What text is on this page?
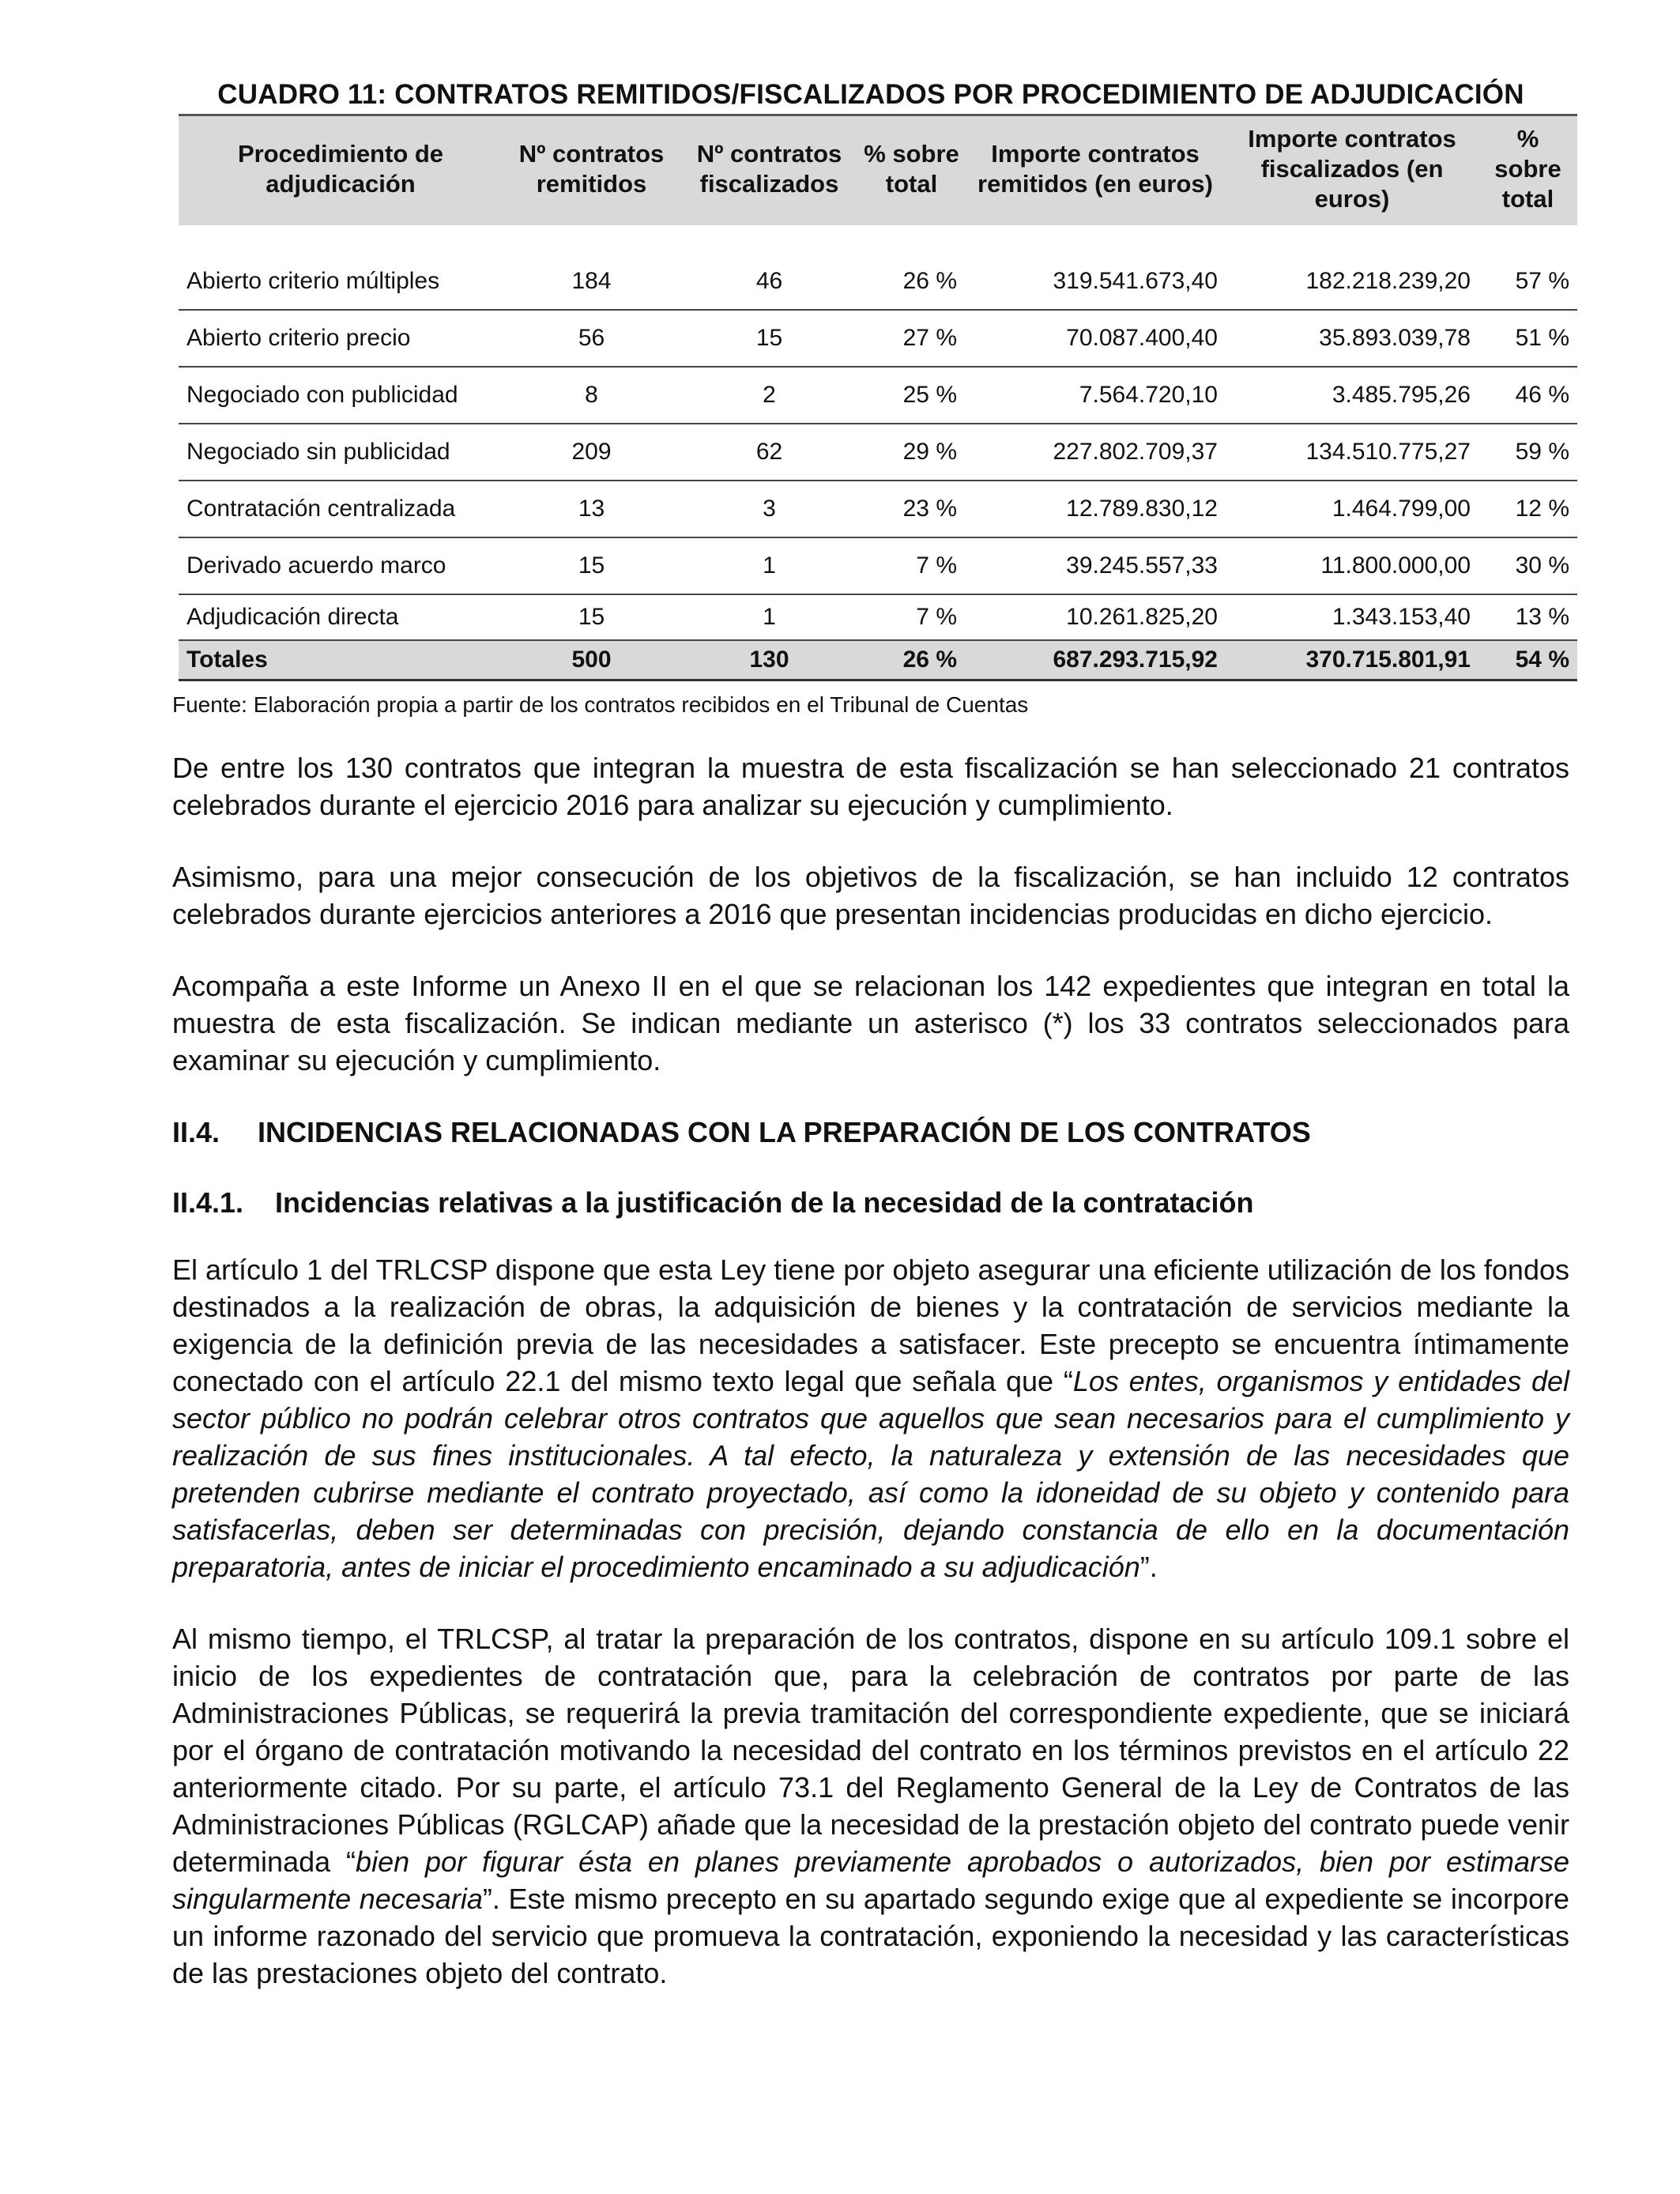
CUADRO 11: CONTRATOS REMITIDOS/FISCALIZADOS POR PROCEDIMIENTO DE ADJUDICACIÓN
Procedimiento de adjudicación	Nº contratos remitidos	Nº contratos fiscalizados	% sobre total	Importe contratos remitidos (en euros)	Importe contratos fiscalizados (en euros)	% sobre total

Abierto criterio múltiples	184	46	26 %	319.541.673,40	182.218.239,20	57 %
Abierto criterio precio	56	15	27 %	70.087.400,40	35.893.039,78	51 %
Negociado con publicidad	8	2	25 %	7.564.720,10	3.485.795,26	46 %
Negociado sin publicidad	209	62	29 %	227.802.709,37	134.510.775,27	59 %
Contratación centralizada	13	3	23 %	12.789.830,12	1.464.799,00	12 %
Derivado acuerdo marco	15	1	7 %	39.245.557,33	11.800.000,00	30 %
Adjudicación directa	15	1	7 %	10.261.825,20	1.343.153,40	13 %
Totales	500	130	26 %	687.293.715,92	370.715.801,91	54 %
Fuente: Elaboración propia a partir de los contratos recibidos en el Tribunal de Cuentas

De entre los 130 contratos que integran la muestra de esta fiscalización se han seleccionado 21 contratos celebrados durante el ejercicio 2016 para analizar su ejecución y cumplimiento.

Asimismo, para una mejor consecución de los objetivos de la fiscalización, se han incluido 12 contratos celebrados durante ejercicios anteriores a 2016 que presentan incidencias producidas en dicho ejercicio.

Acompaña a este Informe un Anexo II en el que se relacionan los 142 expedientes que integran en total la muestra de esta fiscalización. Se indican mediante un asterisco (*) los 33 contratos seleccionados para examinar su ejecución y cumplimiento.

II.4. INCIDENCIAS RELACIONADAS CON LA PREPARACIÓN DE LOS CONTRATOS
II.4.1. Incidencias relativas a la justificación de la necesidad de la contratación

El artículo 1 del TRLCSP dispone que esta Ley tiene por objeto asegurar una eficiente utilización de los fondos destinados a la realización de obras, la adquisición de bienes y la contratación de servicios mediante la exigencia de la definición previa de las necesidades a satisfacer. Este precepto se encuentra íntimamente conectado con el artículo 22.1 del mismo texto legal que señala que “Los entes, organismos y entidades del sector público no podrán celebrar otros contratos que aquellos que sean necesarios para el cumplimiento y realización de sus fines institucionales. A tal efecto, la naturaleza y extensión de las necesidades que pretenden cubrirse mediante el contrato proyectado, así como la idoneidad de su objeto y contenido para satisfacerlas, deben ser determinadas con precisión, dejando constancia de ello en la documentación preparatoria, antes de iniciar el procedimiento encaminado a su adjudicación”.

Al mismo tiempo, el TRLCSP, al tratar la preparación de los contratos, dispone en su artículo 109.1 sobre el inicio de los expedientes de contratación que, para la celebración de contratos por parte de las Administraciones Públicas, se requerirá la previa tramitación del correspondiente expediente, que se iniciará por el órgano de contratación motivando la necesidad del contrato en los términos previstos en el artículo 22 anteriormente citado. Por su parte, el artículo 73.1 del Reglamento General de la Ley de Contratos de las Administraciones Públicas (RGLCAP) añade que la necesidad de la prestación objeto del contrato puede venir determinada “bien por figurar ésta en planes previamente aprobados o autorizados, bien por estimarse singularmente necesaria”. Este mismo precepto en su apartado segundo exige que al expediente se incorpore un informe razonado del servicio que promueva la contratación, exponiendo la necesidad y las características de las prestaciones objeto del contrato.
